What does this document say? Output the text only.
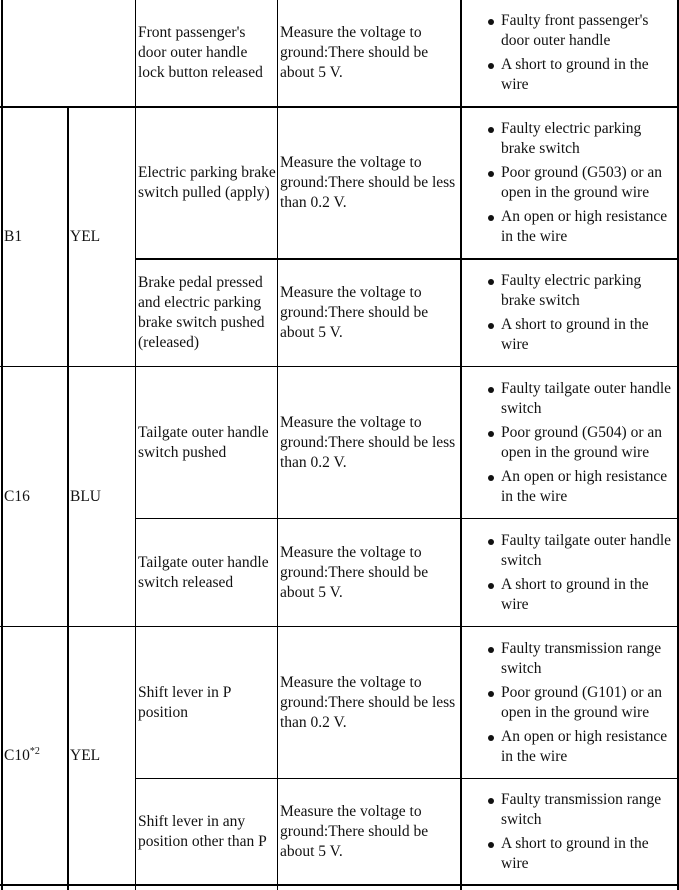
B1	YEL
C16	BLU
C10$^{*2}$ YEL
Front passenger's door outer handle lock button released
Measure the voltage to ground:There should be about 5 V.
Faulty front passenger's door outer handle
A short to ground in the wire
Electric parking brake switch pulled (apply)
Measure the voltage to ground:There should be less than 0.2 V.
Faulty electric parking brake switch
Poor ground (G503) or an open in the ground wire
An open or high resistance in the wire
Brake pedal pressed and electric parking brake switch pushed (released)
Measure the voltage to ground:There should be about 5 V.
Faulty electric parking brake switch
A short to ground in the wire
Tailgate outer handle switch pushed
Measure the voltage to ground:There should be less than 0.2 V.
Faulty tailgate outer handle switch
Poor ground (G504) or an open in the ground wire
An open or high resistance in the wire
Tailgate outer handle switch released
Measure the voltage to ground:There should be about 5 V.
Faulty tailgate outer handle switch
A short to ground in the wire
Shift lever in P position
Measure the voltage to ground:There should be less than 0.2 V.
Faulty transmission range switch
Poor ground (G101) or an open in the ground wire
An open or high resistance in the wire
Shift lever in any position other than P
Measure the voltage to ground:There should be about 5 V.
Faulty transmission range switch
A short to ground in the wire
